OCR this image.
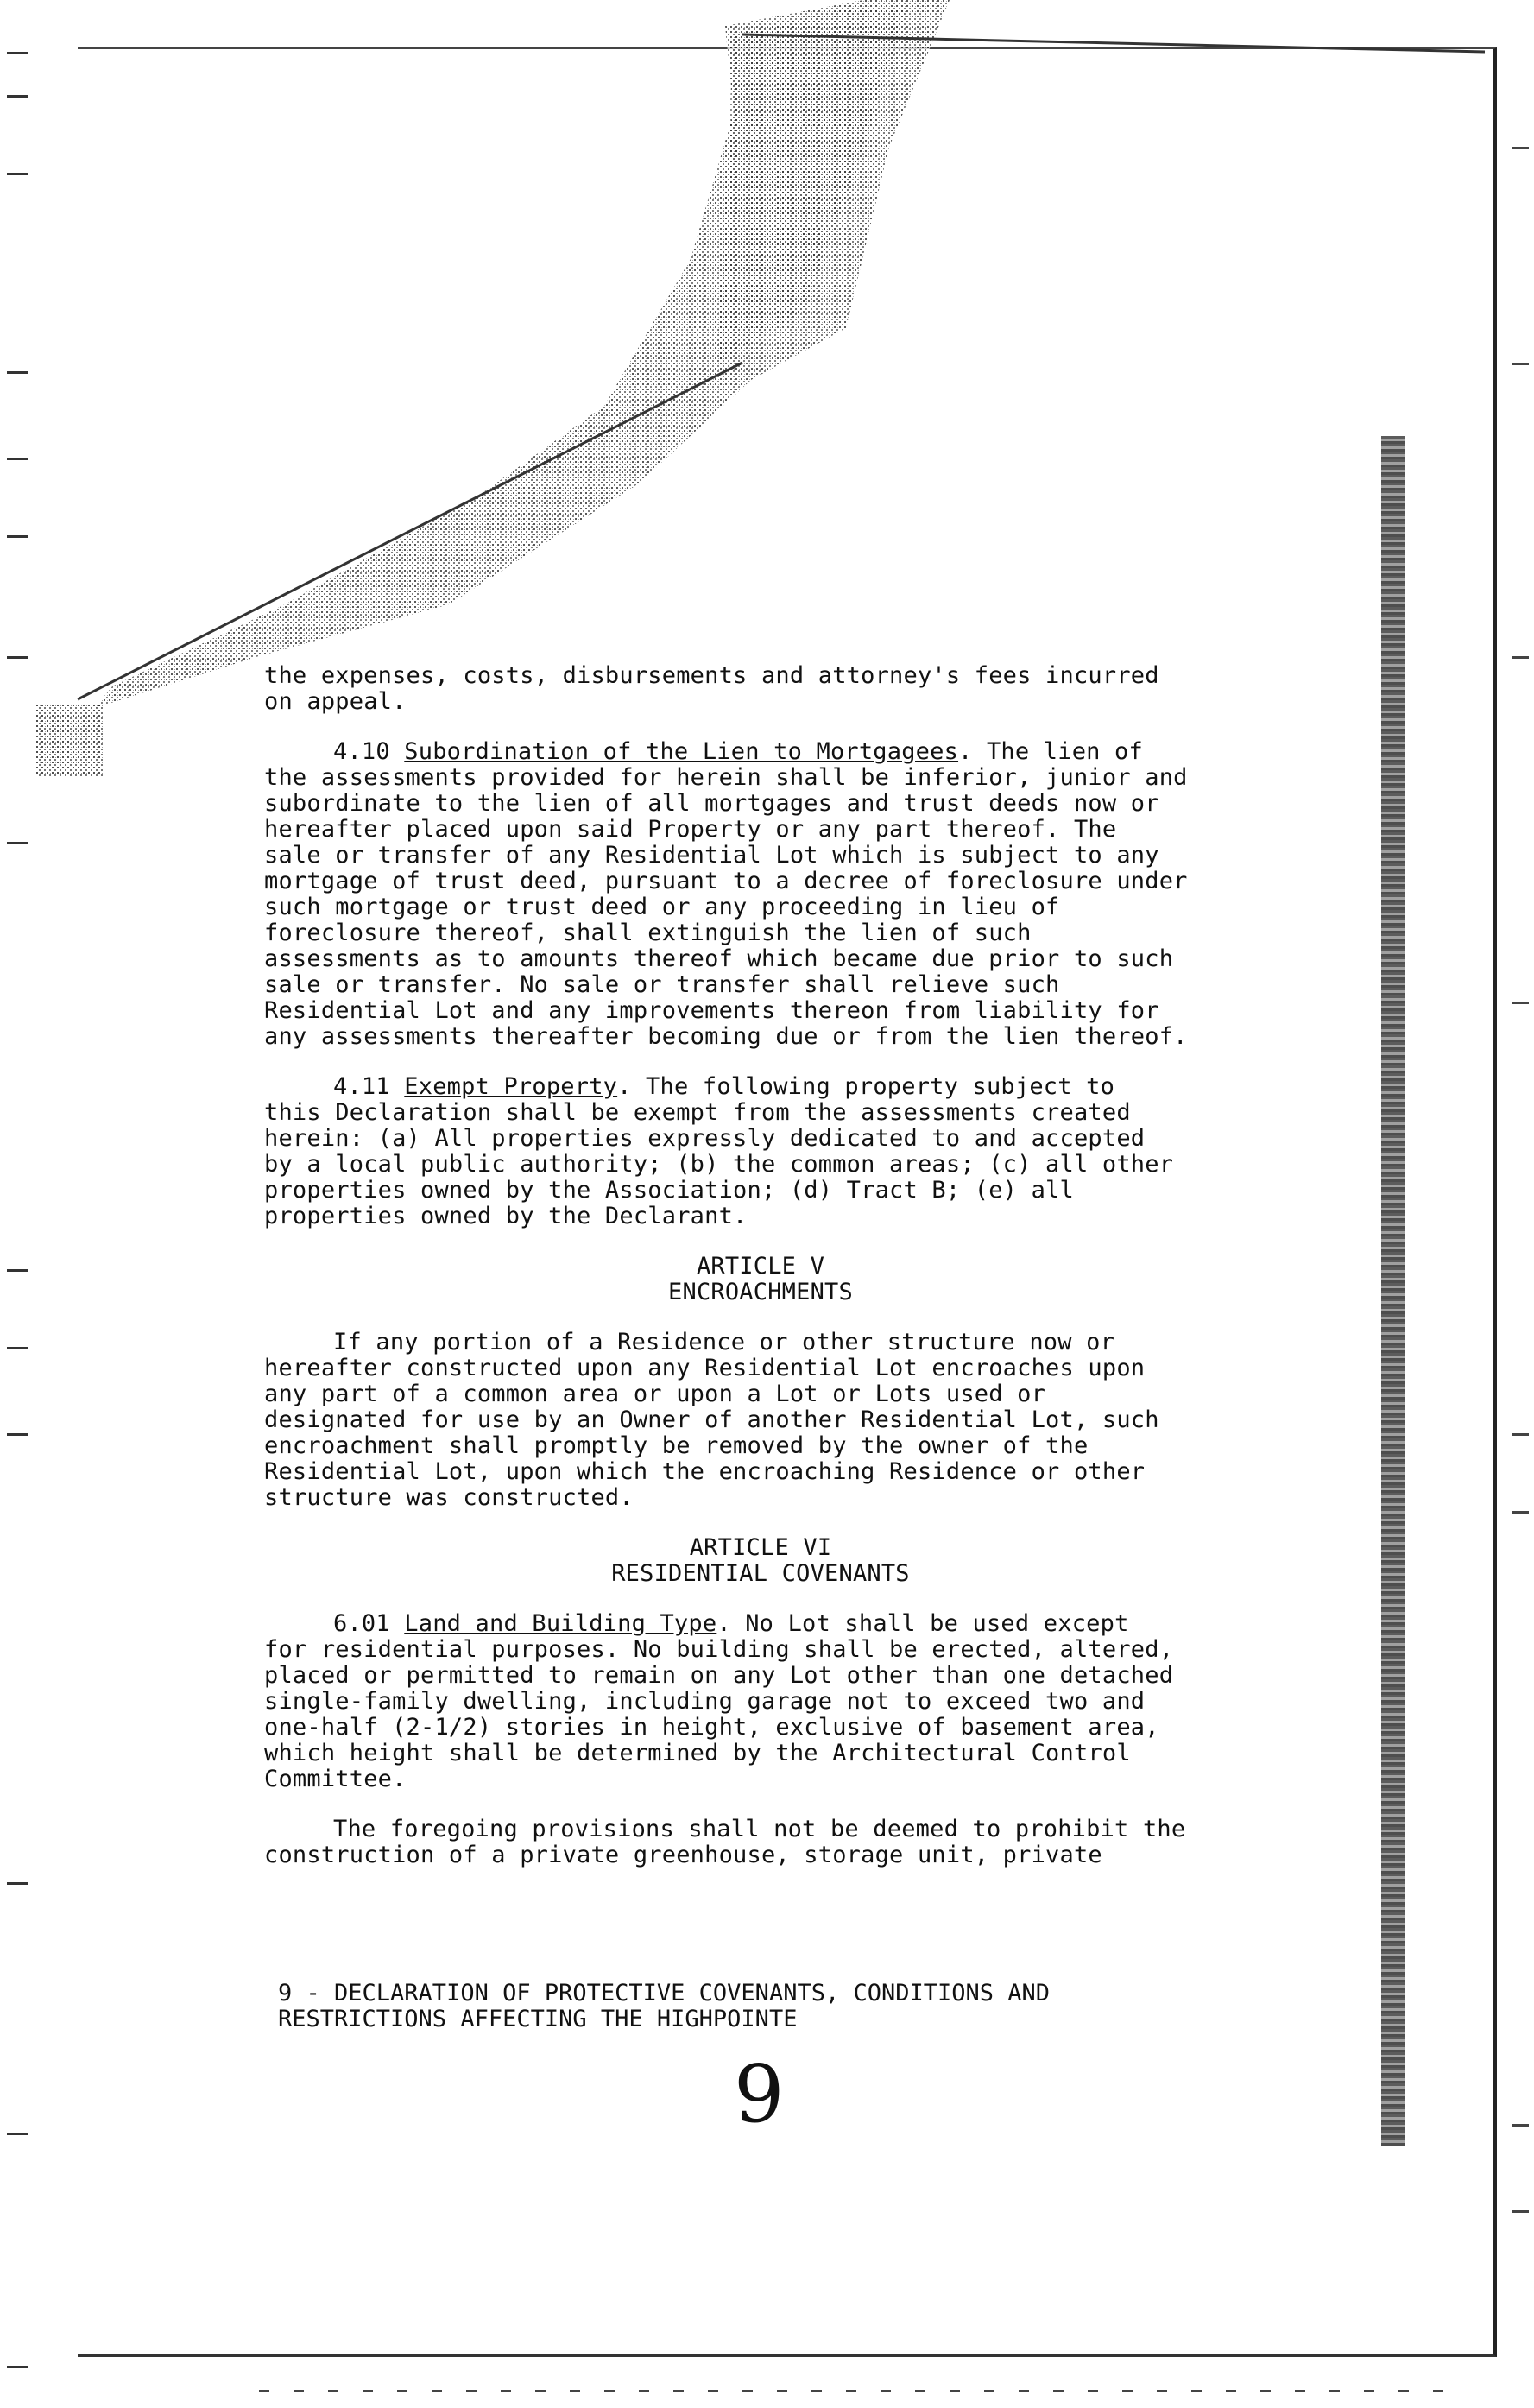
the expenses, costs, disbursements and attorney's fees incurred
on appeal.

4.10 Subordination of the Lien to Mortgagees. The lien of
the assessments provided for herein shall be inferior, junior and
subordinate to the lien of all mortgages and trust deeds now or
hereafter placed upon said Property or any part thereof. The
sale or transfer of any Residential Lot which is subject to any
mortgage of trust deed, pursuant to a decree of foreclosure under
such mortgage or trust deed or any proceeding in lieu of
foreclosure thereof, shall extinguish the lien of such
assessments as to amounts thereof which became due prior to such
sale or transfer. No sale or transfer shall relieve such
Residential Lot and any improvements thereon from liability for
any assessments thereafter becoming due or from the lien thereof.

4.11 Exempt Property. The following property subject to
this Declaration shall be exempt from the assessments created
herein: (a) All properties expressly dedicated to and accepted
by a local public authority; (b) the common areas; (c) all other
properties owned by the Association; (d) Tract B; (e) all
properties owned by the Declarant.

ARTICLE V
ENCROACHMENTS

If any portion of a Residence or other structure now or
hereafter constructed upon any Residential Lot encroaches upon
any part of a common area or upon a Lot or Lots used or
designated for use by an Owner of another Residential Lot, such
encroachment shall promptly be removed by the owner of the
Residential Lot, upon which the encroaching Residence or other
structure was constructed.

ARTICLE VI
RESIDENTIAL COVENANTS

6.01 Land and Building Type. No Lot shall be used except
for residential purposes. No building shall be erected, altered,
placed or permitted to remain on any Lot other than one detached
single-family dwelling, including garage not to exceed two and
one-half (2-1/2) stories in height, exclusive of basement area,
which height shall be determined by the Architectural Control
Committee.

The foregoing provisions shall not be deemed to prohibit the
construction of a private greenhouse, storage unit, private

9 - DECLARATION OF PROTECTIVE COVENANTS, CONDITIONS AND
RESTRICTIONS AFFECTING THE HIGHPOINTE

9
